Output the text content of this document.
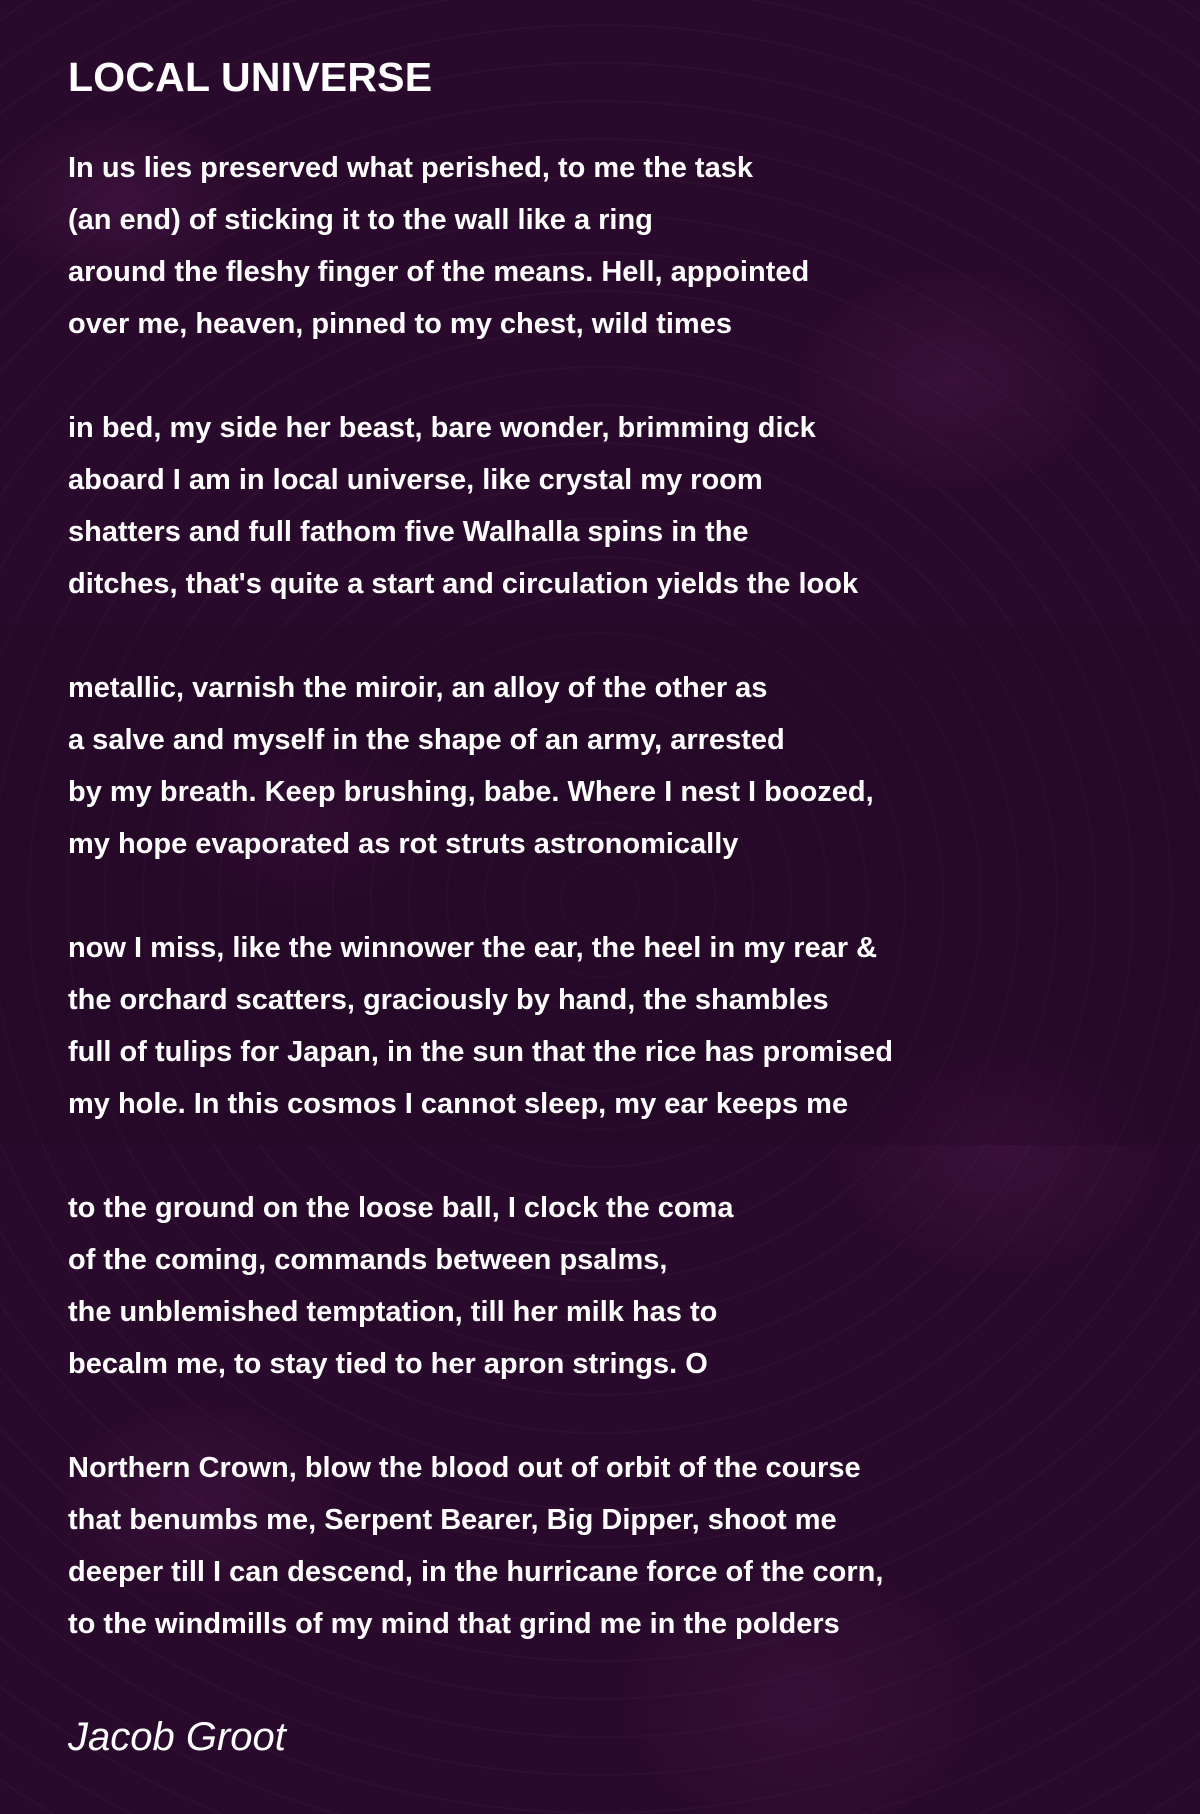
LOCAL UNIVERSE
In us lies preserved what perished, to me the task
(an end) of sticking it to the wall like a ring
around the fleshy finger of the means. Hell, appointed
over me, heaven, pinned to my chest, wild times
in bed, my side her beast, bare wonder, brimming dick
aboard I am in local universe, like crystal my room
shatters and full fathom five Walhalla spins in the
ditches, that's quite a start and circulation yields the look
metallic, varnish the miroir, an alloy of the other as
a salve and myself in the shape of an army, arrested
by my breath. Keep brushing, babe. Where I nest I boozed,
my hope evaporated as rot struts astronomically
now I miss, like the winnower the ear, the heel in my rear &
the orchard scatters, graciously by hand, the shambles
full of tulips for Japan, in the sun that the rice has promised
my hole. In this cosmos I cannot sleep, my ear keeps me
to the ground on the loose ball, I clock the coma
of the coming, commands between psalms,
the unblemished temptation, till her milk has to
becalm me, to stay tied to her apron strings. O
Northern Crown, blow the blood out of orbit of the course
that benumbs me, Serpent Bearer, Big Dipper, shoot me
deeper till I can descend, in the hurricane force of the corn,
to the windmills of my mind that grind me in the polders
Jacob Groot
